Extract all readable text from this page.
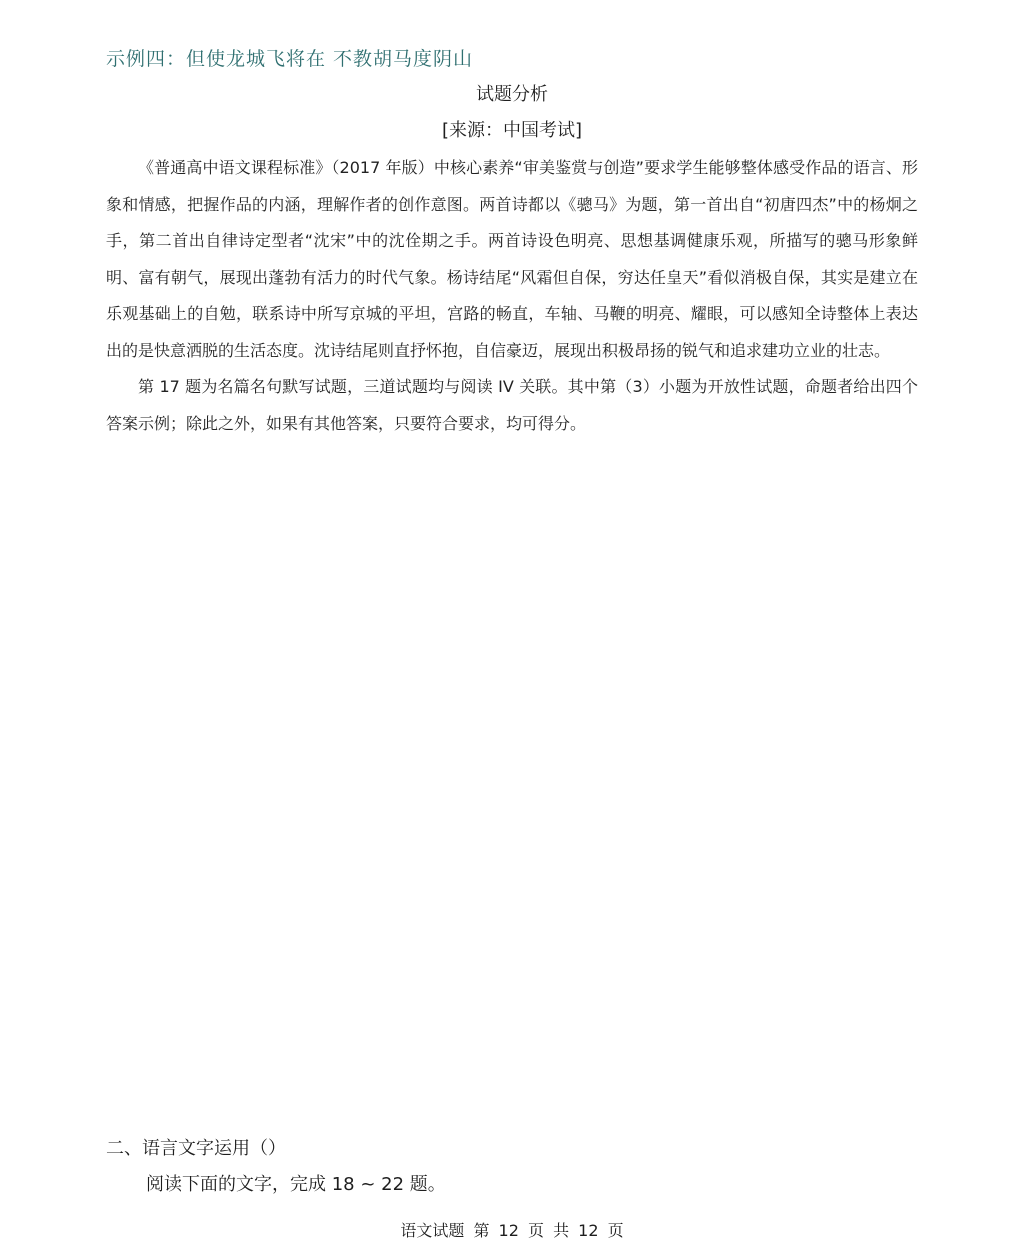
示例四：但使龙城飞将在 不教胡马度阴山
试题分析
[来源：中国考试]

《普通高中语文课程标准》（2017 年版）中核心素养“审美鉴赏与创造”要求学生能够整体感受作品的语言、形象和情感，把握作品的内涵，理解作者的创作意图。两首诗都以《骢马》为题，第一首出自“初唐四杰”中的杨炯之手，第二首出自律诗定型者“沈宋”中的沈佺期之手。两首诗设色明亮、思想基调健康乐观，所描写的骢马形象鲜明、富有朝气，展现出蓬勃有活力的时代气象。杨诗结尾“风霜但自保，穷达任皇天”看似消极自保，其实是建立在乐观基础上的自勉，联系诗中所写京城的平坦，宫路的畅直，车轴、马鞭的明亮、耀眼，可以感知全诗整体上表达出的是快意洒脱的生活态度。沈诗结尾则直抒怀抱，自信豪迈，展现出积极昂扬的锐气和追求建功立业的壮志。

第 17 题为名篇名句默写试题，三道试题均与阅读 IV 关联。其中第（3）小题为开放性试题，命题者给出四个答案示例；除此之外，如果有其他答案，只要符合要求，均可得分。

二、语言文字运用（）
阅读下面的文字，完成 18 ~ 22 题。
语文试题 第 12 页 共 12 页
